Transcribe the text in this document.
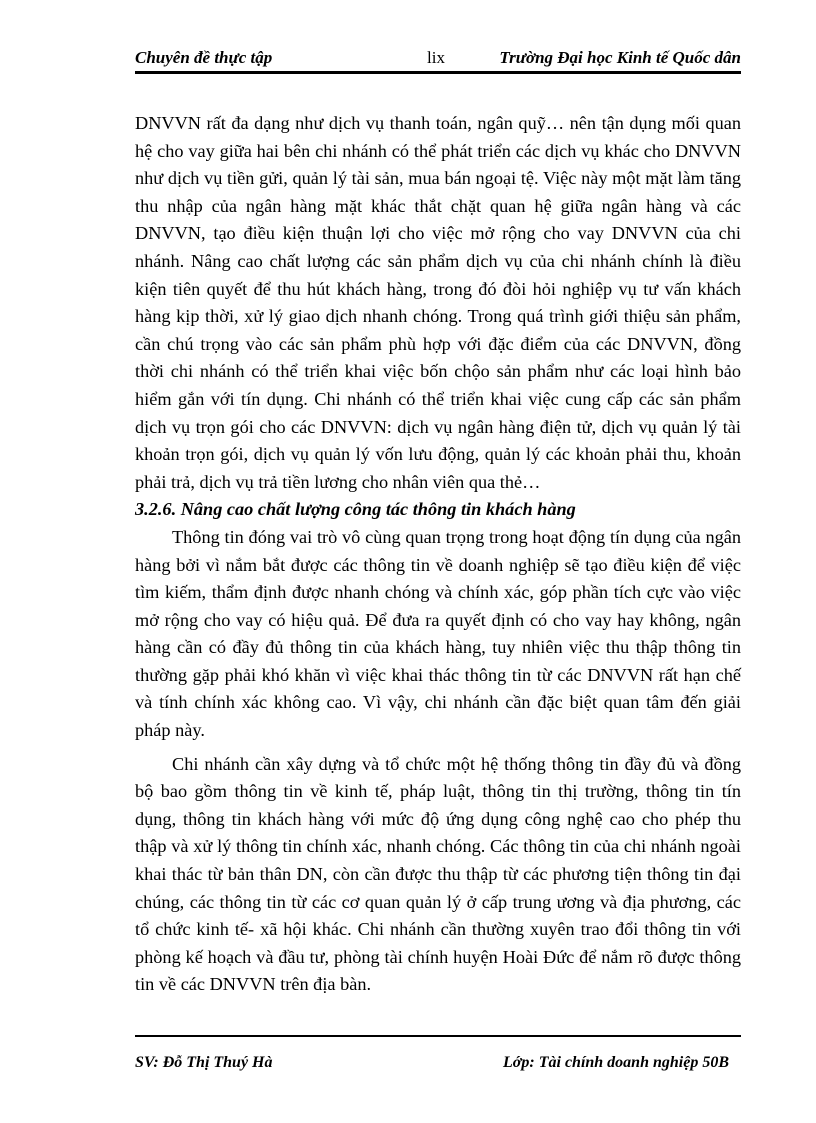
Chuyên đề thực tập	lix	Trường Đại học Kinh tế Quốc dân

DNVVN rất đa dạng như dịch vụ thanh toán, ngân quỹ… nên tận dụng mối quan hệ cho vay giữa hai bên chi nhánh có thể phát triển các dịch vụ khác cho DNVVN như dịch vụ tiền gửi, quản lý tài sản, mua bán ngoại tệ. Việc này một mặt làm tăng thu nhập của ngân hàng mặt khác thắt chặt quan hệ giữa ngân hàng và các DNVVN, tạo điều kiện thuận lợi cho việc mở rộng cho vay DNVVN của chi nhánh. Nâng cao chất lượng các sản phẩm dịch vụ của chi nhánh chính là điều kiện tiên quyết để thu hút khách hàng, trong đó đòi hỏi nghiệp vụ tư vấn khách hàng kịp thời, xử lý giao dịch nhanh chóng. Trong quá trình giới thiệu sản phẩm, cần chú trọng vào các sản phẩm phù hợp với đặc điểm của các DNVVN, đồng thời chi nhánh có thể triển khai việc bốn chộo sản phẩm như các loại hình bảo hiểm gắn với tín dụng. Chi nhánh có thể triển khai việc cung cấp các sản phẩm dịch vụ trọn gói cho các DNVVN: dịch vụ ngân hàng điện tử, dịch vụ quản lý tài khoản trọn gói, dịch vụ quản lý vốn lưu động, quản lý các khoản phải thu, khoản phải trả, dịch vụ trả tiền lương cho nhân viên qua thẻ…

3.2.6. Nâng cao chất lượng công tác thông tin khách hàng

Thông tin đóng vai trò vô cùng quan trọng trong hoạt động tín dụng của ngân hàng bởi vì nắm bắt được các thông tin về doanh nghiệp sẽ tạo điều kiện để việc tìm kiếm, thẩm định được nhanh chóng và chính xác, góp phần tích cực vào việc mở rộng cho vay có hiệu quả. Để đưa ra quyết định có cho vay hay không, ngân hàng cần có đầy đủ thông tin của khách hàng, tuy nhiên việc thu thập thông tin thường gặp phải khó khăn vì việc khai thác thông tin từ các DNVVN rất hạn chế và tính chính xác không cao. Vì vậy, chi nhánh cần đặc biệt quan tâm đến giải pháp này.

Chi nhánh cần xây dựng và tổ chức một hệ thống thông tin đầy đủ và đồng bộ bao gồm thông tin về kinh tế, pháp luật, thông tin thị trường, thông tin tín dụng, thông tin khách hàng với mức độ ứng dụng công nghệ cao cho phép thu thập và xử lý thông tin chính xác, nhanh chóng. Các thông tin của chi nhánh ngoài khai thác từ bản thân DN, còn cần được thu thập từ các phương tiện thông tin đại chúng, các thông tin từ các cơ quan quản lý ở cấp trung ương và địa phương, các tổ chức kinh tế- xã hội khác. Chi nhánh cần thường xuyên trao đổi thông tin với phòng kế hoạch và đầu tư, phòng tài chính huyện Hoài Đức để nắm rõ được thông tin về các DNVVN trên địa bàn.

SV: Đỗ Thị Thuý Hà	Lớp: Tài chính doanh nghiệp 50B
